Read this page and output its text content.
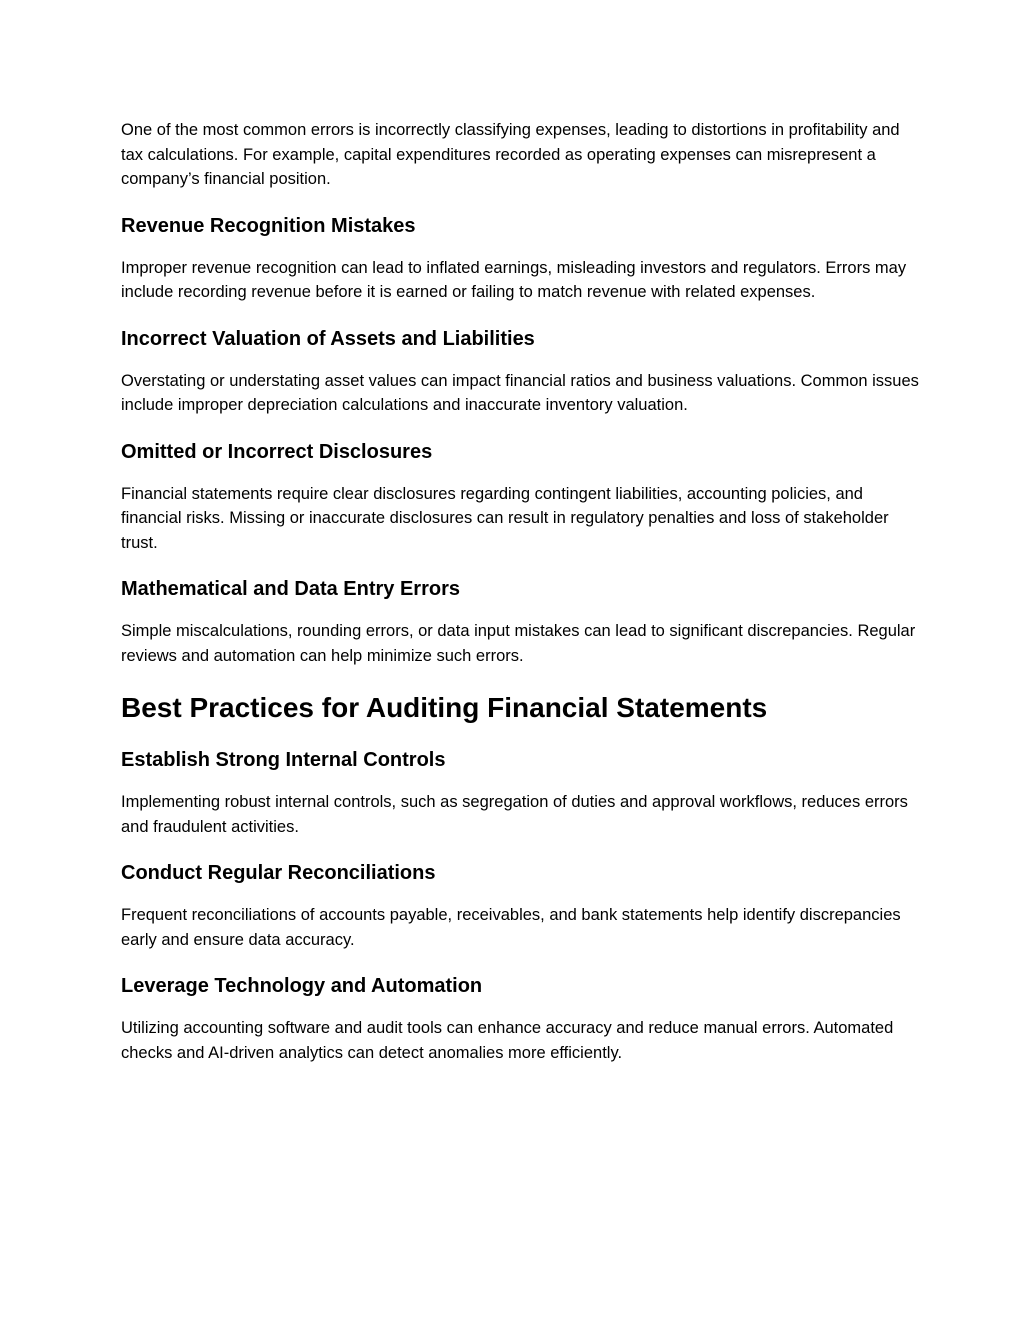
One of the most common errors is incorrectly classifying expenses, leading to distortions in profitability and tax calculations. For example, capital expenditures recorded as operating expenses can misrepresent a company’s financial position.

Revenue Recognition Mistakes

Improper revenue recognition can lead to inflated earnings, misleading investors and regulators. Errors may include recording revenue before it is earned or failing to match revenue with related expenses.

Incorrect Valuation of Assets and Liabilities

Overstating or understating asset values can impact financial ratios and business valuations. Common issues include improper depreciation calculations and inaccurate inventory valuation.

Omitted or Incorrect Disclosures

Financial statements require clear disclosures regarding contingent liabilities, accounting policies, and financial risks. Missing or inaccurate disclosures can result in regulatory penalties and loss of stakeholder trust.

Mathematical and Data Entry Errors

Simple miscalculations, rounding errors, or data input mistakes can lead to significant discrepancies. Regular reviews and automation can help minimize such errors.

Best Practices for Auditing Financial Statements
Establish Strong Internal Controls

Implementing robust internal controls, such as segregation of duties and approval workflows, reduces errors and fraudulent activities.

Conduct Regular Reconciliations

Frequent reconciliations of accounts payable, receivables, and bank statements help identify discrepancies early and ensure data accuracy.

Leverage Technology and Automation

Utilizing accounting software and audit tools can enhance accuracy and reduce manual errors. Automated checks and AI-driven analytics can detect anomalies more efficiently.
